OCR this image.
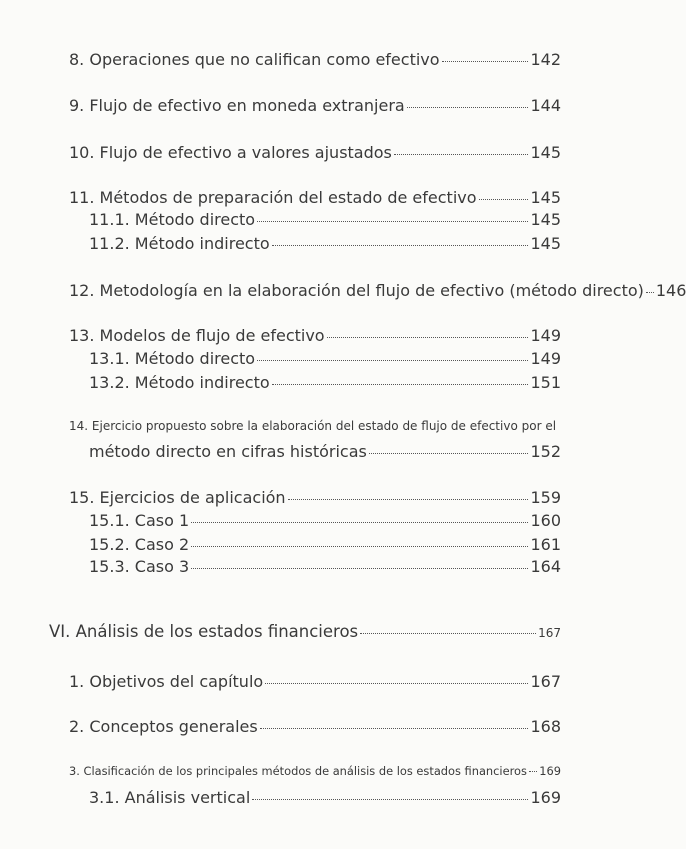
8. Operaciones que no califican como efectivo	142
9. Flujo de efectivo en moneda extranjera	144
10. Flujo de efectivo a valores ajustados	145
11. Métodos de preparación del estado de efectivo	145
11.1. Método directo	145
11.2. Método indirecto	145
12. Metodología en la elaboración del flujo de efectivo (método directo) 146
13. Modelos de flujo de efectivo	149
13.1. Método directo	149
13.2. Método indirecto	151
14. Ejercicio propuesto sobre la elaboración del estado de flujo de efectivo por el
método directo en cifras históricas	152
15. Ejercicios de aplicación	159
15.1. Caso 1	160
15.2. Caso 2	161
15.3. Caso 3	164
VI. Análisis de los estados financieros	167
1. Objetivos del capítulo	167
2. Conceptos generales	168
3. Clasificación de los principales métodos de análisis de los estados financieros 169
3.1. Análisis vertical	169
